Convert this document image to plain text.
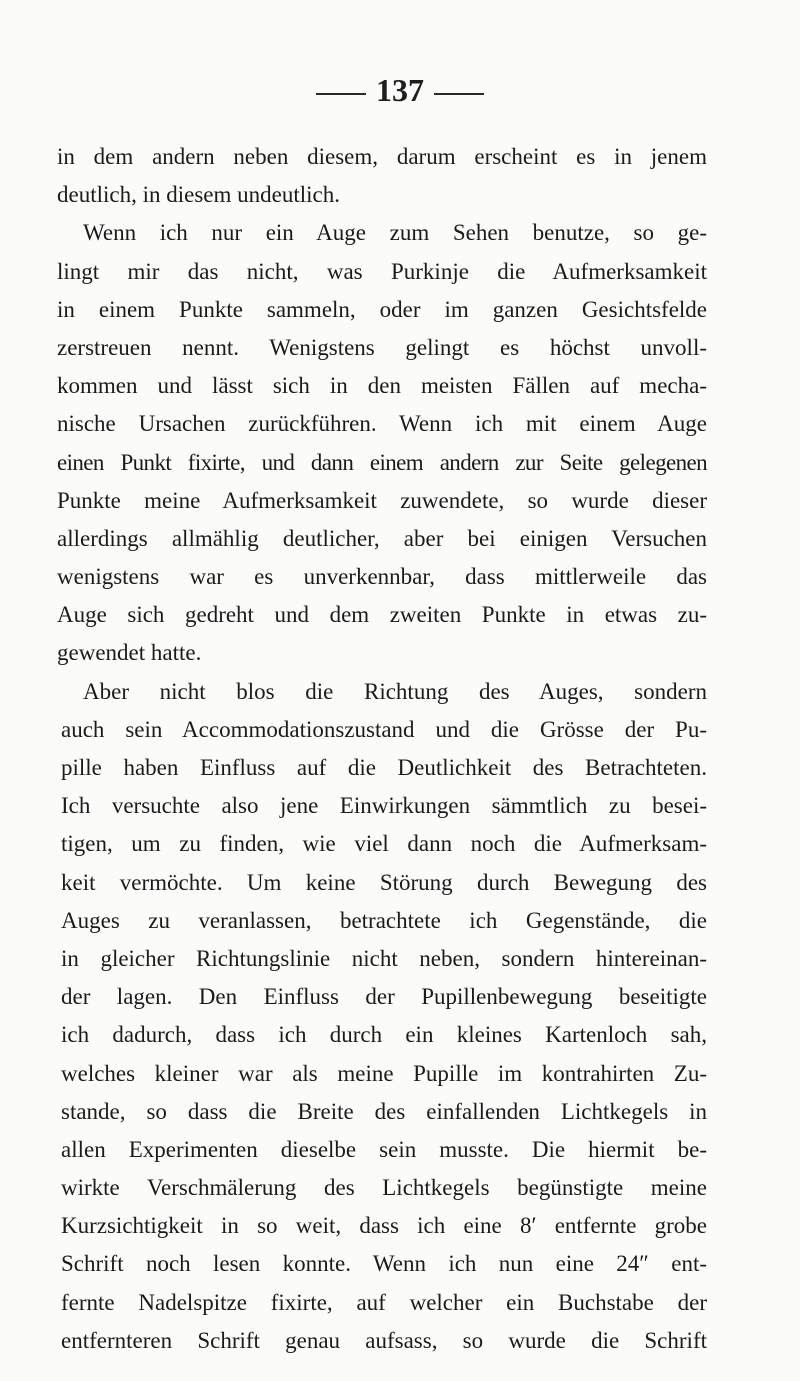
137
in dem andern neben diesem, darum erscheint es in jenem
deutlich, in diesem undeutlich.
Wenn ich nur ein Auge zum Sehen benutze, so ge-
lingt mir das nicht, was Purkinje die Aufmerksamkeit
in einem Punkte sammeln, oder im ganzen Gesichtsfelde
zerstreuen nennt. Wenigstens gelingt es höchst unvoll-
kommen und lässt sich in den meisten Fällen auf mecha-
nische Ursachen zurückführen. Wenn ich mit einem Auge
einen Punkt fixirte, und dann einem andern zur Seite gelegenen
Punkte meine Aufmerksamkeit zuwendete, so wurde dieser
allerdings allmählig deutlicher, aber bei einigen Versuchen
wenigstens war es unverkennbar, dass mittlerweile das
Auge sich gedreht und dem zweiten Punkte in etwas zu-
gewendet hatte.
Aber nicht blos die Richtung des Auges, sondern
auch sein Accommodationszustand und die Grösse der Pu-
pille haben Einfluss auf die Deutlichkeit des Betrachteten.
Ich versuchte also jene Einwirkungen sämmtlich zu besei-
tigen, um zu finden, wie viel dann noch die Aufmerksam-
keit vermöchte. Um keine Störung durch Bewegung des
Auges zu veranlassen, betrachtete ich Gegenstände, die
in gleicher Richtungslinie nicht neben, sondern hintereinan-
der lagen. Den Einfluss der Pupillenbewegung beseitigte
ich dadurch, dass ich durch ein kleines Kartenloch sah,
welches kleiner war als meine Pupille im kontrahirten Zu-
stande, so dass die Breite des einfallenden Lichtkegels in
allen Experimenten dieselbe sein musste. Die hiermit be-
wirkte Verschmälerung des Lichtkegels begünstigte meine
Kurzsichtigkeit in so weit, dass ich eine 8′ entfernte grobe
Schrift noch lesen konnte. Wenn ich nun eine 24″ ent-
fernte Nadelspitze fixirte, auf welcher ein Buchstabe der
entfernteren Schrift genau aufsass, so wurde die Schrift
